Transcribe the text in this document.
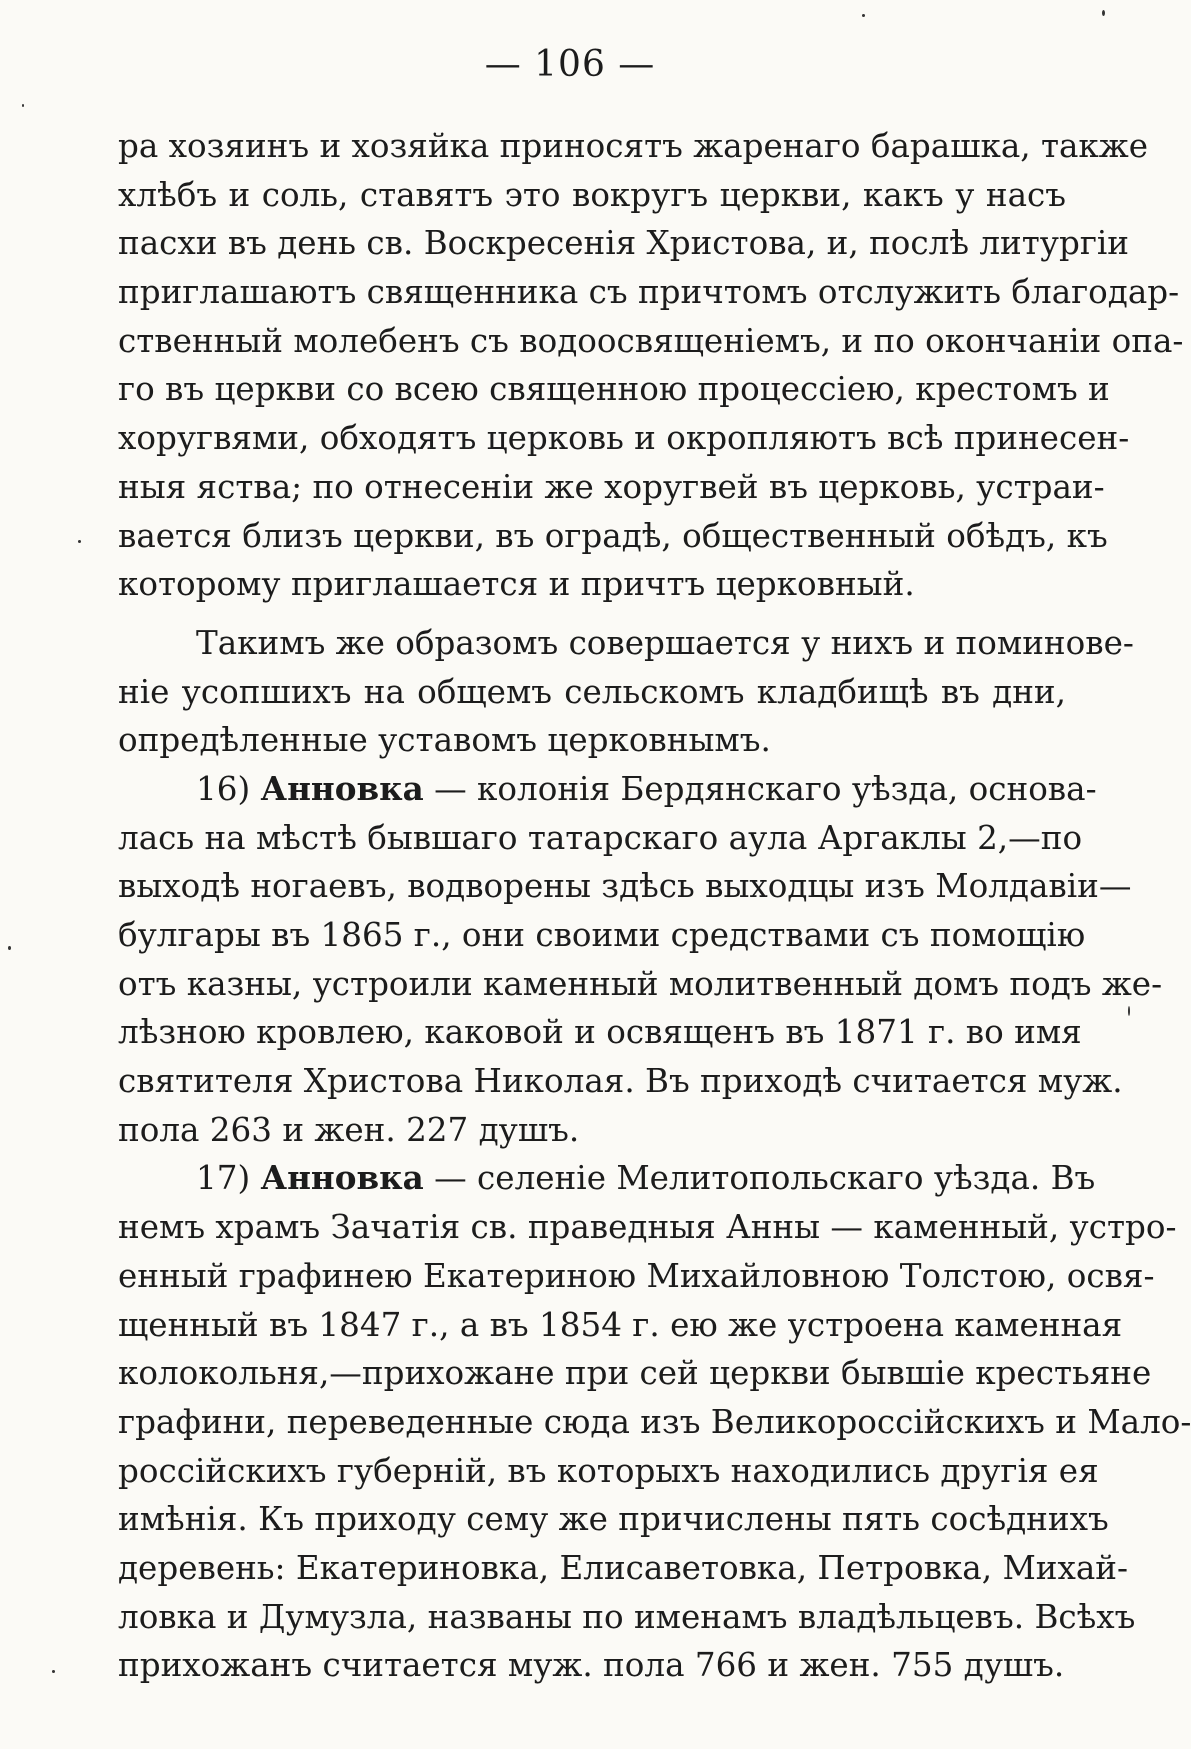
— 106 —
ра хозяинъ и хозяйка приносятъ жаренаго барашка, также
хлѣбъ и соль, ставятъ это вокругъ церкви, какъ у насъ
пасхи въ день св. Воскресенія Христова, и, послѣ литургіи
приглашаютъ священника съ причтомъ отслужить благодар-
ственный молебенъ съ водоосвященіемъ, и по окончаніи опа-
го въ церкви со всею священною процессіею, крестомъ и
хоругвями, обходятъ церковь и окропляютъ всѣ принесен-
ныя яства; по отнесеніи же хоругвей въ церковь, устраи-
вается близъ церкви, въ оградѣ, общественный обѣдъ, къ
которому приглашается и причтъ церковный.
Такимъ же образомъ совершается у нихъ и поминове-
ніе усопшихъ на общемъ сельскомъ кладбищѣ въ дни,
опредѣленные уставомъ церковнымъ.
16) Анновка — колонія Бердянскаго уѣзда, основа-
лась на мѣстѣ бывшаго татарскаго аула Аргаклы 2,—по
выходѣ ногаевъ, водворены здѣсь выходцы изъ Молдавіи—
булгары въ 1865 г., они своими средствами съ помощію
отъ казны, устроили каменный молитвенный домъ подъ же-
лѣзною кровлею, каковой и освященъ въ 1871 г. во имя
святителя Христова Николая. Въ приходѣ считается муж.
пола 263 и жен. 227 душъ.
17) Анновка — селеніе Мелитопольскаго уѣзда. Въ
немъ храмъ Зачатія св. праведныя Анны — каменный, устро-
енный графинею Екатериною Михайловною Толстою, освя-
щенный въ 1847 г., а въ 1854 г. ею же устроена каменная
колокольня,—прихожане при сей церкви бывшіе крестьяне
графини, переведенные сюда изъ Великороссійскихъ и Мало-
россійскихъ губерній, въ которыхъ находились другія ея
имѣнія. Къ приходу сему же причислены пять сосѣднихъ
деревень: Екатериновка, Елисаветовка, Петровка, Михай-
ловка и Думузла, названы по именамъ владѣльцевъ. Всѣхъ
прихожанъ считается муж. пола 766 и жен. 755 душъ.
